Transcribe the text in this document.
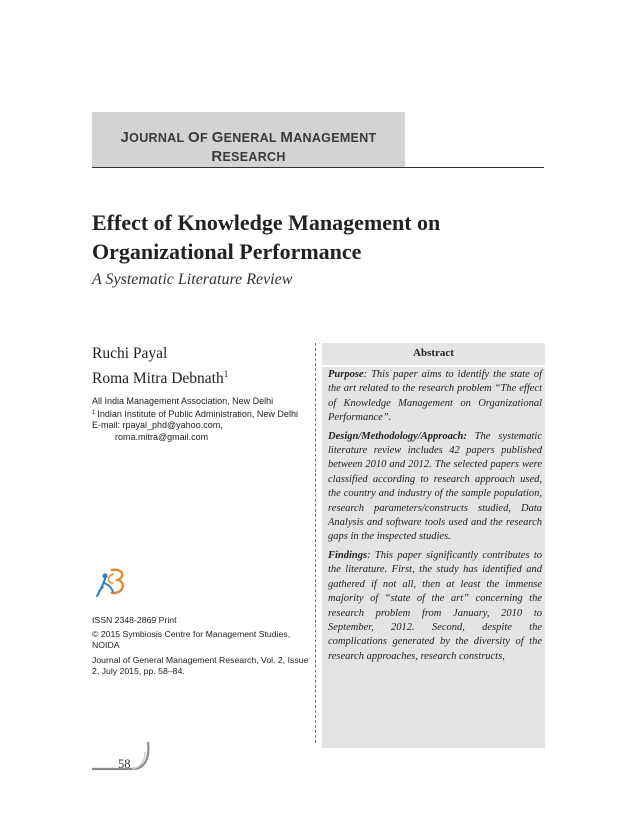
JOURNAL OF GENERAL MANAGEMENT
RESEARCH
Effect of Knowledge Management on Organizational Performance
A Systematic Literature Review
Ruchi Payal
Roma Mitra Debnath$^1$
All India Management Association, New Delhi
$^1$ Indian Institute of Public Administration, New Delhi
E-mail: rpayal_phd@yahoo.com,
roma.mitra@gmail.com
ISSN 2348-2869 Print
© 2015 Symbiosis Centre for Management Studies, NOIDA
Journal of General Management Research, Vol. 2, Issue 2, July 2015, pp. 58–84.
58
Abstract

Purpose: This paper aims to identify the state of the art related to the research problem “The effect of Knowledge Management on Organizational Performance”.

Design/Methodology/Approach: The systematic literature review includes 42 papers published between 2010 and 2012. The selected papers were classified according to research approach used, the country and industry of the sample population, research parameters/constructs studied, Data Analysis and software tools used and the research gaps in the inspected studies.

Findings: This paper significantly contributes to the literature. First, the study has identified and gathered if not all, then at least the immense majority of “state of the art” concerning the research problem from January, 2010 to September, 2012. Second, despite the complications generated by the diversity of the research approaches, research constructs,
